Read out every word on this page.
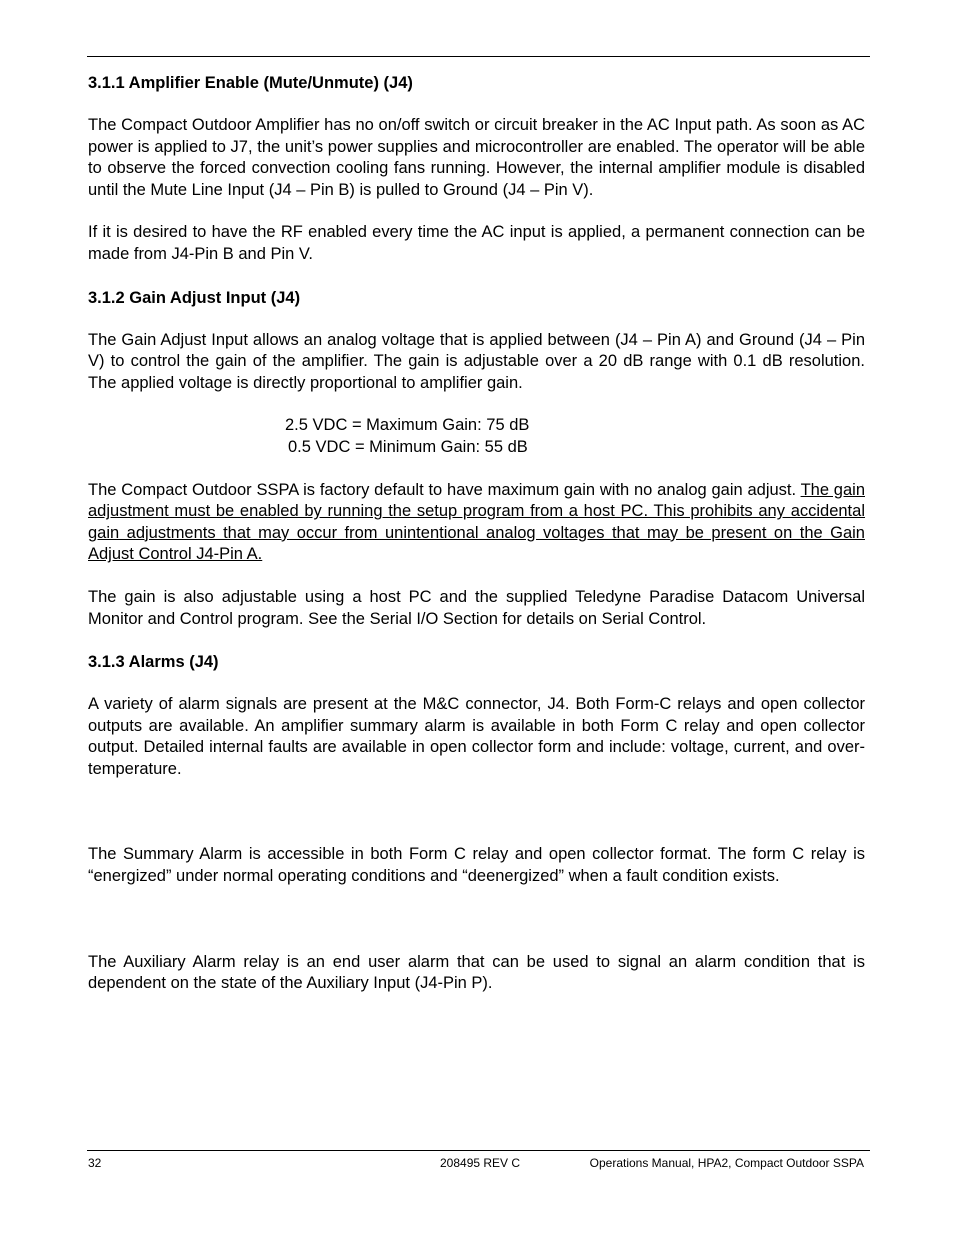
3.1.1 Amplifier Enable (Mute/Unmute) (J4)
The Compact Outdoor Amplifier has no on/off switch or circuit breaker in the AC Input path. As soon as AC power is applied to J7, the unit’s power supplies and microcontroller are enabled. The operator will be able to observe the forced convection cooling fans running. However, the internal amplifier module is disabled until the Mute Line Input (J4 – Pin B) is pulled to Ground (J4 – Pin V).
If it is desired to have the RF enabled every time the AC input is applied, a permanent connection can be made from J4-Pin B and Pin V.
3.1.2 Gain Adjust Input (J4)
The Gain Adjust Input allows an analog voltage that is applied between (J4 – Pin A) and Ground (J4 – Pin V) to control the gain of the amplifier. The gain is adjustable over a 20 dB range with 0.1 dB resolution. The applied voltage is directly proportional to amplifier gain.
2.5 VDC = Maximum Gain: 75 dB
0.5 VDC = Minimum Gain: 55 dB
The Compact Outdoor SSPA is factory default to have maximum gain with no analog gain adjust. The gain adjustment must be enabled by running the setup program from a host PC. This prohibits any accidental gain adjustments that may occur from unintentional analog voltages that may be present on the Gain Adjust Control J4-Pin A.
The gain is also adjustable using a host PC and the supplied Teledyne Paradise Datacom Universal Monitor and Control program. See the Serial I/O Section for details on Serial Control.
3.1.3 Alarms (J4)
A variety of alarm signals are present at the M&C connector, J4. Both Form-C relays and open collector outputs are available. An amplifier summary alarm is available in both Form C relay and open collector output. Detailed internal faults are available in open collector form and include: voltage, current, and over-temperature.
The Summary Alarm is accessible in both Form C relay and open collector format. The form C relay is “energized” under normal operating conditions and “deenergized” when a fault condition exists.
The Auxiliary Alarm relay is an end user alarm that can be used to signal an alarm condition that is dependent on the state of the Auxiliary Input (J4-Pin P).
32	208495 REV C	Operations Manual, HPA2, Compact Outdoor SSPA
